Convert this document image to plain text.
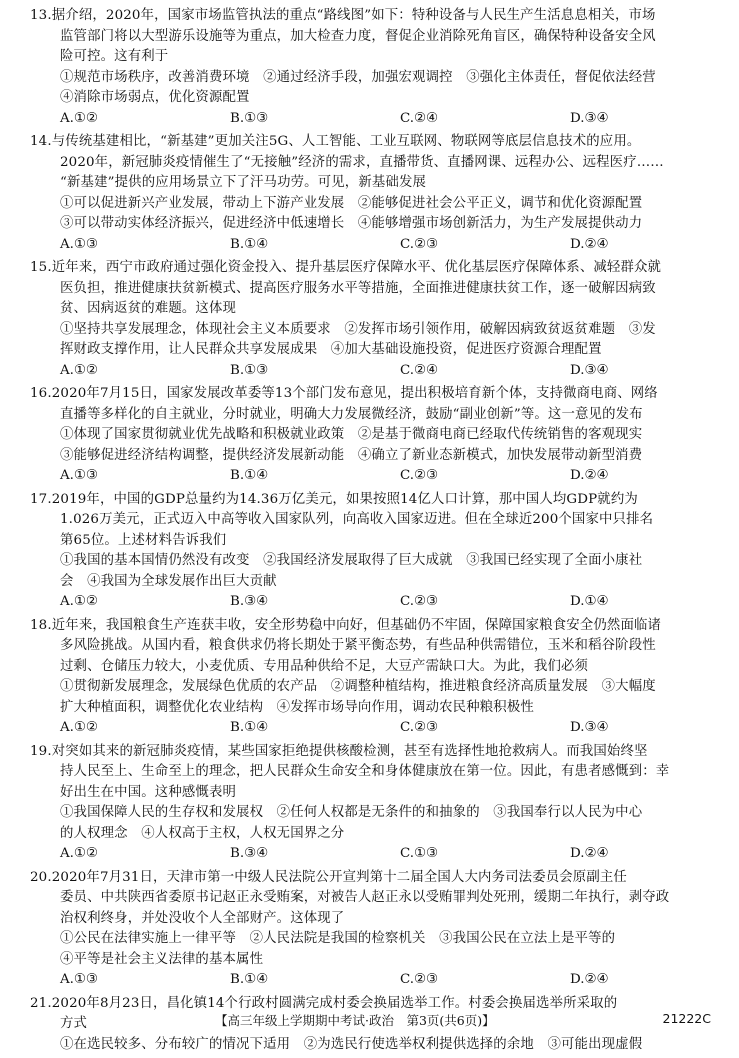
13.据介绍，2020年，国家市场监管执法的重点“路线图”如下：特种设备与人民生产生活息息相关，市场

监管部门将以大型游乐设施等为重点，加大检查力度，督促企业消除死角盲区，确保特种设备安全风

险可控。这有利于

①规范市场秩序，改善消费环境　②通过经济手段，加强宏观调控　③强化主体责任，督促依法经营

④消除市场弱点，优化资源配置

A.①②	B.①③	C.②④	D.③④

14.与传统基建相比，“新基建”更加关注5G、人工智能、工业互联网、物联网等底层信息技术的应用。

2020年，新冠肺炎疫情催生了“无接触”经济的需求，直播带货、直播网课、远程办公、远程医疗……

“新基建”提供的应用场景立下了汗马功劳。可见，新基础发展

①可以促进新兴产业发展，带动上下游产业发展　②能够促进社会公平正义，调节和优化资源配置

③可以带动实体经济振兴，促进经济中低速增长　④能够增强市场创新活力，为生产发展提供动力

A.①③	B.①④	C.②③	D.②④

15.近年来，西宁市政府通过强化资金投入、提升基层医疗保障水平、优化基层医疗保障体系、减轻群众就

医负担，推进健康扶贫新模式、提高医疗服务水平等措施，全面推进健康扶贫工作，逐一破解因病致

贫、因病返贫的难题。这体现

①坚持共享发展理念，体现社会主义本质要求　②发挥市场引领作用，破解因病致贫返贫难题　③发

挥财政支撑作用，让人民群众共享发展成果　④加大基础设施投资，促进医疗资源合理配置

A.①②	B.①③	C.②④	D.③④

16.2020年7月15日，国家发展改革委等13个部门发布意见，提出积极培育新个体，支持微商电商、网络

直播等多样化的自主就业，分时就业，明确大力发展微经济，鼓励“副业创新”等。这一意见的发布

①体现了国家贯彻就业优先战略和积极就业政策　②是基于微商电商已经取代传统销售的客观现实

③能够促进经济结构调整，提供经济发展新动能　④确立了新业态新模式，加快发展带动新型消费

A.①③	B.①④	C.②③	D.②④

17.2019年，中国的GDP总量约为14.36万亿美元，如果按照14亿人口计算，那中国人均GDP就约为

1.026万美元，正式迈入中高等收入国家队列，向高收入国家迈进。但在全球近200个国家中只排名

第65位。上述材料告诉我们

①我国的基本国情仍然没有改变　②我国经济发展取得了巨大成就　③我国已经实现了全面小康社

会　④我国为全球发展作出巨大贡献

A.①②	B.③④	C.②③	D.①④

18.近年来，我国粮食生产连获丰收，安全形势稳中向好，但基础仍不牢固，保障国家粮食安全仍然面临诸

多风险挑战。从国内看，粮食供求仍将长期处于紧平衡态势，有些品种供需错位，玉米和稻谷阶段性

过剩、仓储压力较大，小麦优质、专用品种供给不足，大豆产需缺口大。为此，我们必须

①贯彻新发展理念，发展绿色优质的农产品　②调整种植结构，推进粮食经济高质量发展　③大幅度

扩大种植面积，调整优化农业结构　④发挥市场导向作用，调动农民种粮积极性

A.①②	B.①④	C.②③	D.③④

19.对突如其来的新冠肺炎疫情，某些国家拒绝提供核酸检测，甚至有选择性地抢救病人。而我国始终坚

持人民至上、生命至上的理念，把人民群众生命安全和身体健康放在第一位。因此，有患者感慨到：幸

好出生在中国。这种感慨表明

①我国保障人民的生存权和发展权　②任何人权都是无条件的和抽象的　③我国奉行以人民为中心

的人权理念　④人权高于主权，人权无国界之分

A.①②	B.③④	C.①③	D.②④

20.2020年7月31日，天津市第一中级人民法院公开宣判第十二届全国人大内务司法委员会原副主任

委员、中共陕西省委原书记赵正永受贿案，对被告人赵正永以受贿罪判处死刑，缓期二年执行，剥夺政

治权利终身，并处没收个人全部财产。这体现了

①公民在法律实施上一律平等　②人民法院是我国的检察机关　③我国公民在立法上是平等的

④平等是社会主义法律的基本属性

A.①③	B.①④	C.②③	D.②④

21.2020年8月23日，昌化镇14个行政村圆满完成村委会换届选举工作。村委会换届选举所采取的

方式

①在选民较多、分布较广的情况下适用　②为选民行使选举权利提供选择的余地　③可能出现虚假

【高三年级上学期期中考试·政治　第3页(共6页)】	21222C
